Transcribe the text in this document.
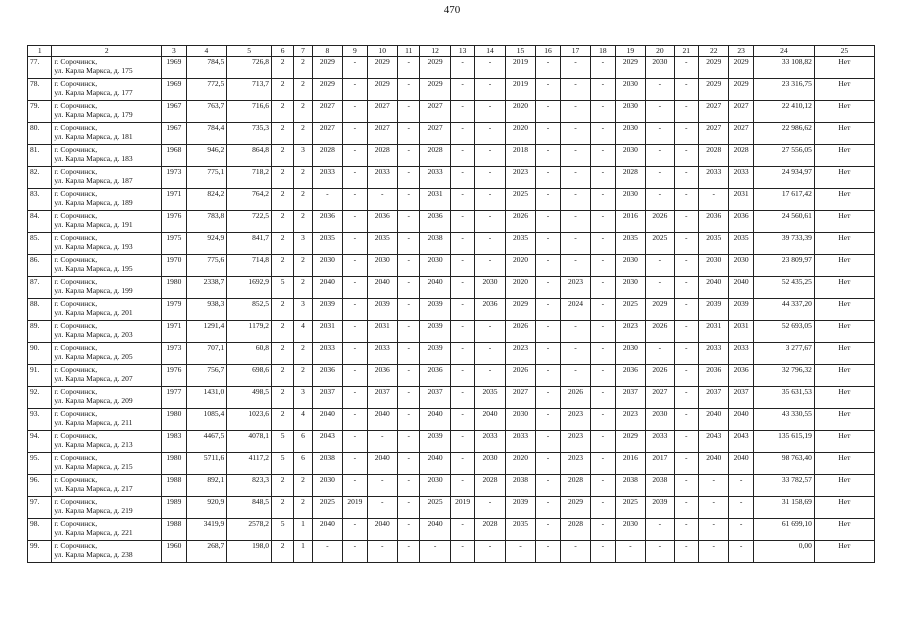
470
1	2	3	4	5	6	7	8	9	10	11	12	13	14	15	16	17	18	19	20	21	22	23	24	25
77.	г. Сорочинск,
ул. Карла Маркса, д. 175	1969	784,5	726,8	2	2	2029	-	2029	-	2029	-	-	2019	-	-	-	2029	2030	-	2029	2029	33 108,82	Нет
78.	г. Сорочинск,
ул. Карла Маркса, д. 177	1969	772,5	713,7	2	2	2029	-	2029	-	2029	-	-	2019	-	-	-	2030	-	-	2029	2029	23 316,75	Нет
79.	г. Сорочинск,
ул. Карла Маркса, д. 179	1967	763,7	716,6	2	2	2027	-	2027	-	2027	-	-	2020	-	-	-	2030	-	-	2027	2027	22 410,12	Нет
80.	г. Сорочинск,
ул. Карла Маркса, д. 181	1967	784,4	735,3	2	2	2027	-	2027	-	2027	-	-	2020	-	-	-	2030	-	-	2027	2027	22 986,62	Нет
81.	г. Сорочинск,
ул. Карла Маркса, д. 183	1968	946,2	864,8	2	3	2028	-	2028	-	2028	-	-	2018	-	-	-	2030	-	-	2028	2028	27 556,05	Нет
82.	г. Сорочинск,
ул. Карла Маркса, д. 187	1973	775,1	718,2	2	2	2033	-	2033	-	2033	-	-	2023	-	-	-	2028	-	-	2033	2033	24 934,97	Нет
83.	г. Сорочинск,
ул. Карла Маркса, д. 189	1971	824,2	764,2	2	2	-	-	-	-	2031	-	-	2025	-	-	-	2030	-	-	-	2031	17 617,42	Нет
84.	г. Сорочинск,
ул. Карла Маркса, д. 191	1976	783,8	722,5	2	2	2036	-	2036	-	2036	-	-	2026	-	-	-	2016	2026	-	2036	2036	24 560,61	Нет
85.	г. Сорочинск,
ул. Карла Маркса, д. 193	1975	924,9	841,7	2	3	2035	-	2035	-	2038	-	-	2035	-	-	-	2035	2025	-	2035	2035	39 733,39	Нет
86.	г. Сорочинск,
ул. Карла Маркса, д. 195	1970	775,6	714,8	2	2	2030	-	2030	-	2030	-	-	2020	-	-	-	2030	-	-	2030	2030	23 809,97	Нет
87.	г. Сорочинск,
ул. Карла Маркса, д. 199	1980	2338,7	1692,9	5	2	2040	-	2040	-	2040	-	2030	2020	-	2023	-	2030	-	-	2040	2040	52 435,25	Нет
88.	г. Сорочинск,
ул. Карла Маркса, д. 201	1979	938,3	852,5	2	3	2039	-	2039	-	2039	-	2036	2029	-	2024	-	2025	2029	-	2039	2039	44 337,20	Нет
89.	г. Сорочинск,
ул. Карла Маркса, д. 203	1971	1291,4	1179,2	2	4	2031	-	2031	-	2039	-	-	2026	-	-	-	2023	2026	-	2031	2031	52 693,05	Нет
90.	г. Сорочинск,
ул. Карла Маркса, д. 205	1973	707,1	60,8	2	2	2033	-	2033	-	2039	-	-	2023	-	-	-	2030	-	-	2033	2033	3 277,67	Нет
91.	г. Сорочинск,
ул. Карла Маркса, д. 207	1976	756,7	698,6	2	2	2036	-	2036	-	2036	-	-	2026	-	-	-	2036	2026	-	2036	2036	32 796,32	Нет
92.	г. Сорочинск,
ул. Карла Маркса, д. 209	1977	1431,0	498,5	2	3	2037	-	2037	-	2037	-	2035	2027	-	2026	-	2037	2027	-	2037	2037	35 631,53	Нет
93.	г. Сорочинск,
ул. Карла Маркса, д. 211	1980	1085,4	1023,6	2	4	2040	-	2040	-	2040	-	2040	2030	-	2023	-	2023	2030	-	2040	2040	43 330,55	Нет
94.	г. Сорочинск,
ул. Карла Маркса, д. 213	1983	4467,5	4078,1	5	6	2043	-	-	-	2039	-	2033	2033	-	2023	-	2029	2033	-	2043	2043	135 615,19	Нет
95.	г. Сорочинск,
ул. Карла Маркса, д. 215	1980	5711,6	4117,2	5	6	2038	-	2040	-	2040	-	2030	2020	-	2023	-	2016	2017	-	2040	2040	98 763,40	Нет
96.	г. Сорочинск,
ул. Карла Маркса, д. 217	1988	892,1	823,3	2	2	2030	-	-	-	2030	-	2028	2038	-	2028	-	2038	2038	-	-	-	33 782,57	Нет
97.	г. Сорочинск,
ул. Карла Маркса, д. 219	1989	920,9	848,5	2	2	2025	2019	-	-	2025	2019	-	2039	-	2029	-	2025	2039	-	-	-	31 158,69	Нет
98.	г. Сорочинск,
ул. Карла Маркса, д. 221	1988	3419,9	2578,2	5	1	2040	-	2040	-	2040	-	2028	2035	-	2028	-	2030	-	-	-	-	61 699,10	Нет
99.	г. Сорочинск,
ул. Карла Маркса, д. 238	1960	268,7	198,0	2	1	-	-	-	-	-	-	-	-	-	-	-	-	-	-	-	-	0,00	Нет
